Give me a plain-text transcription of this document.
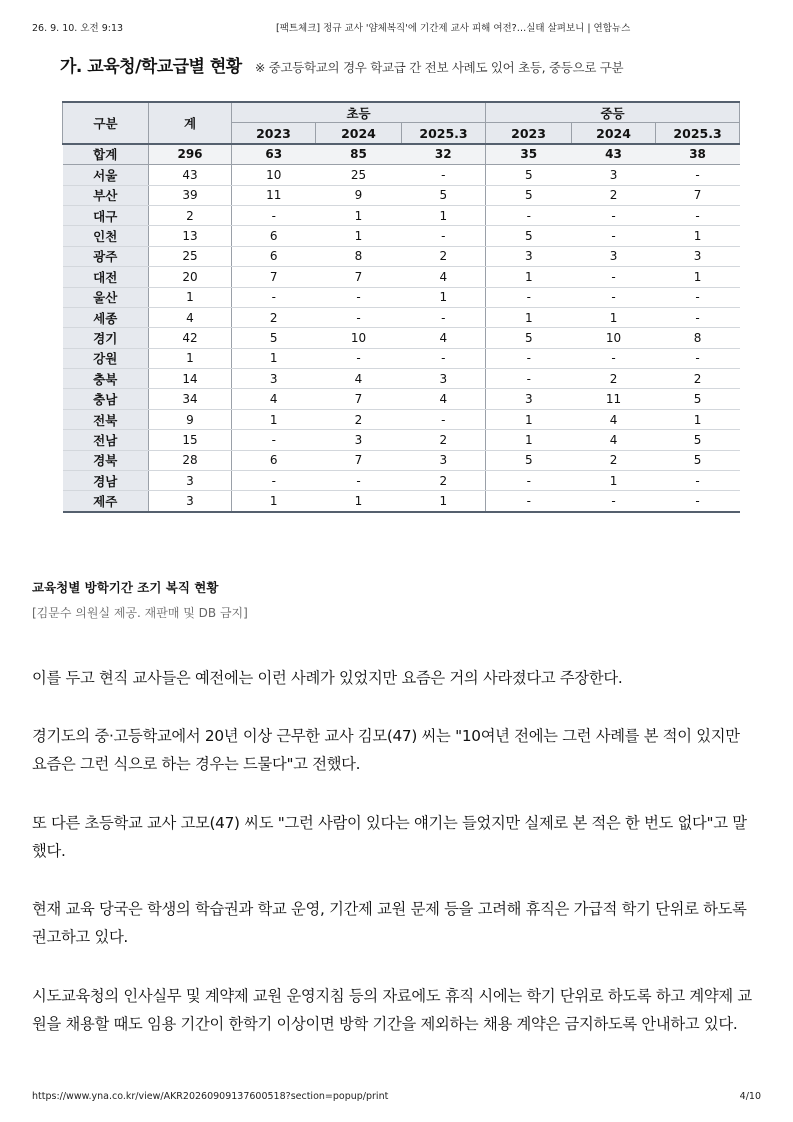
26. 9. 10. 오전 9:13	[팩트체크] 정규 교사 '얌체복직'에 기간제 교사 피해 여전?…실태 살펴보니 | 연합뉴스
가. 교육청/학교급별 현황 ※ 중고등학교의 경우 학교급 간 전보 사례도 있어 초등, 중등으로 구분
구분	계	초등			중등		
		2023	2024	2025.3	2023	2024	2025.3
합계	296	63	85	32	35	43	38
서울	43	10	25	-	5	3	-
부산	39	11	9	5	5	2	7
대구	2	-	1	1	-	-	-
인천	13	6	1	-	5	-	1
광주	25	6	8	2	3	3	3
대전	20	7	7	4	1	-	1
울산	1	-	-	1	-	-	-
세종	4	2	-	-	1	1	-
경기	42	5	10	4	5	10	8
강원	1	1	-	-	-	-	-
충북	14	3	4	3	-	2	2
충남	34	4	7	4	3	11	5
전북	9	1	2	-	1	4	1
전남	15	-	3	2	1	4	5
경북	28	6	7	3	5	2	5
경남	3	-	-	2	-	1	-
제주	3	1	1	1	-	-	-
교육청별 방학기간 조기 복직 현황
[김문수 의원실 제공. 재판매 및 DB 금지]

이를 두고 현직 교사들은 예전에는 이런 사례가 있었지만 요즘은 거의 사라졌다고 주장한다.

경기도의 중·고등학교에서 20년 이상 근무한 교사 김모(47) 씨는 "10여년 전에는 그런 사례를 본 적이 있지만 요즘은 그런 식으로 하는 경우는 드물다"고 전했다.

또 다른 초등학교 교사 고모(47) 씨도 "그런 사람이 있다는 얘기는 들었지만 실제로 본 적은 한 번도 없다"고 말했다.

현재 교육 당국은 학생의 학습권과 학교 운영, 기간제 교원 문제 등을 고려해 휴직은 가급적 학기 단위로 하도록 권고하고 있다.

시도교육청의 인사실무 및 계약제 교원 운영지침 등의 자료에도 휴직 시에는 학기 단위로 하도록 하고 계약제 교원을 채용할 때도 임용 기간이 한학기 이상이면 방학 기간을 제외하는 채용 계약은 금지하도록 안내하고 있다.

https://www.yna.co.kr/view/AKR20260909137600518?section=popup/print	4/10
